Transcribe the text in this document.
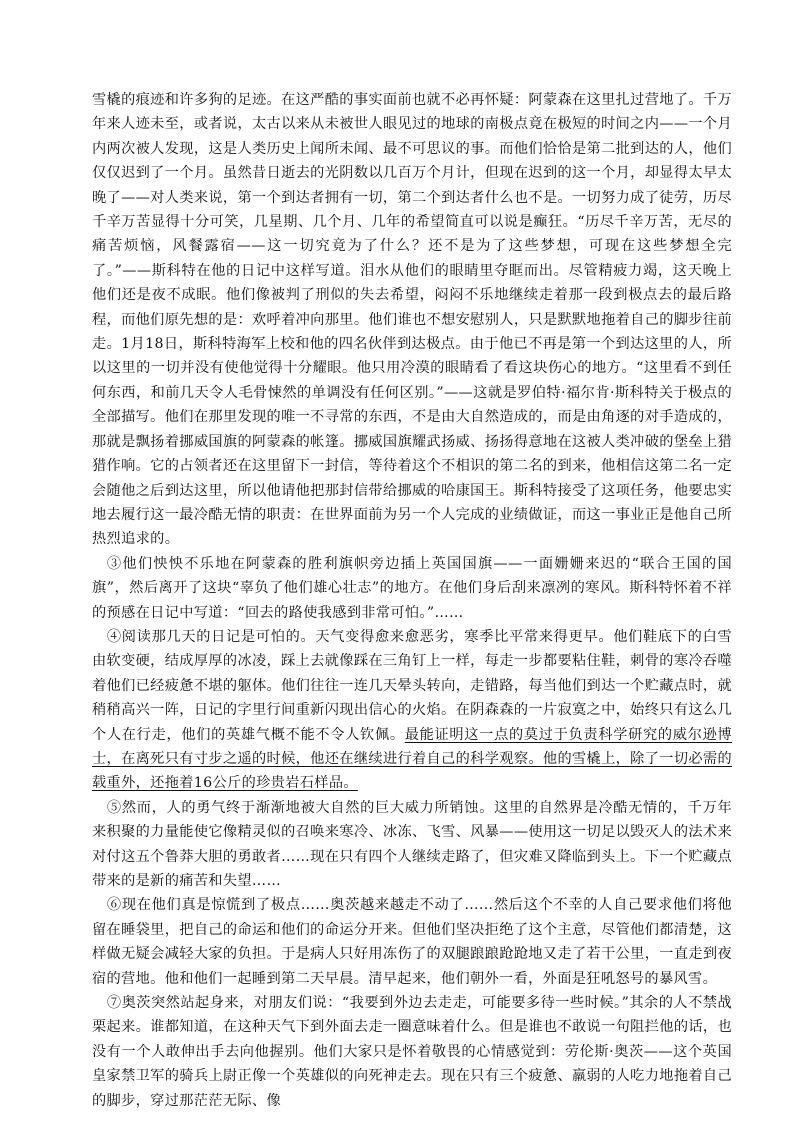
雪橇的痕迹和许多狗的足迹。在这严酷的事实面前也就不必再怀疑：阿蒙森在这里扎过营地了。千万年来人迹未至，或者说，太古以来从未被世人眼见过的地球的南极点竟在极短的时间之内——一个月内两次被人发现，这是人类历史上闻所未闻、最不可思议的事。而他们恰恰是第二批到达的人，他们仅仅迟到了一个月。虽然昔日逝去的光阴数以几百万个月计，但现在迟到的这一个月，却显得太早太晚了——对人类来说，第一个到达者拥有一切，第二个到达者什么也不是。一切努力成了徒劳，历尽千辛万苦显得十分可笑，几星期、几个月、几年的希望简直可以说是癫狂。“历尽千辛万苦，无尽的痛苦烦恼，风餐露宿——这一切究竟为了什么？还不是为了这些梦想，可现在这些梦想全完了。”——斯科特在他的日记中这样写道。泪水从他们的眼睛里夺眶而出。尽管精疲力竭，这天晚上他们还是夜不成眠。他们像被判了刑似的失去希望，闷闷不乐地继续走着那一段到极点去的最后路程，而他们原先想的是：欢呼着冲向那里。他们谁也不想安慰别人，只是默默地拖着自己的脚步往前走。1月18日，斯科特海军上校和他的四名伙伴到达极点。由于他已不再是第一个到达这里的人，所以这里的一切并没有使他觉得十分耀眼。他只用冷漠的眼睛看了看这块伤心的地方。“这里看不到任何东西，和前几天令人毛骨悚然的单调没有任何区别。”——这就是罗伯特·福尔肯·斯科特关于极点的全部描写。他们在那里发现的唯一不寻常的东西，不是由大自然造成的，而是由角逐的对手造成的，那就是飘扬着挪威国旗的阿蒙森的帐篷。挪威国旗耀武扬威、扬扬得意地在这被人类冲破的堡垒上猎猎作响。它的占领者还在这里留下一封信，等待着这个不相识的第二名的到来，他相信这第二名一定会随他之后到达这里，所以他请他把那封信带给挪威的哈康国王。斯科特接受了这项任务，他要忠实地去履行这一最冷酷无情的职责：在世界面前为另一个人完成的业绩做证，而这一事业正是他自己所热烈追求的。

③他们怏怏不乐地在阿蒙森的胜利旗帜旁边插上英国国旗——一面姗姗来迟的“联合王国的国旗”，然后离开了这块“辜负了他们雄心壮志”的地方。在他们身后刮来凛冽的寒风。斯科特怀着不祥的预感在日记中写道：“回去的路使我感到非常可怕。”……

④阅读那几天的日记是可怕的。天气变得愈来愈恶劣，寒季比平常来得更早。他们鞋底下的白雪由软变硬，结成厚厚的冰凌，踩上去就像踩在三角钉上一样，每走一步都要粘住鞋，刺骨的寒冷吞噬着他们已经疲惫不堪的躯体。他们往往一连几天晕头转向，走错路，每当他们到达一个贮藏点时，就稍稍高兴一阵，日记的字里行间重新闪现出信心的火焰。在阴森森的一片寂寞之中，始终只有这么几个人在行走，他们的英雄气概不能不令人钦佩。最能证明这一点的莫过于负责科学研究的威尔逊博士，在离死只有寸步之遥的时候，他还在继续进行着自己的科学观察。他的雪橇上，除了一切必需的载重外，还拖着16公斤的珍贵岩石样品。

⑤然而，人的勇气终于渐渐地被大自然的巨大威力所销蚀。这里的自然界是冷酷无情的，千万年来积聚的力量能使它像精灵似的召唤来寒冷、冰冻、飞雪、风暴——使用这一切足以毁灭人的法术来对付这五个鲁莽大胆的勇敢者……现在只有四个人继续走路了，但灾难又降临到头上。下一个贮藏点带来的是新的痛苦和失望……

⑥现在他们真是惊慌到了极点……奥茨越来越走不动了……然后这个不幸的人自己要求他们将他留在睡袋里，把自己的命运和他们的命运分开来。但他们坚决拒绝了这个主意，尽管他们都清楚，这样做无疑会减轻大家的负担。于是病人只好用冻伤了的双腿踉踉跄跄地又走了若干公里，一直走到夜宿的营地。他和他们一起睡到第二天早晨。清早起来，他们朝外一看，外面是狂吼怒号的暴风雪。

⑦奥茨突然站起身来，对朋友们说：“我要到外边去走走，可能要多待一些时候。”其余的人不禁战栗起来。谁都知道，在这种天气下到外面去走一圈意味着什么。但是谁也不敢说一句阻拦他的话，也没有一个人敢伸出手去向他握别。他们大家只是怀着敬畏的心情感觉到：劳伦斯·奥茨——这个英国皇家禁卫军的骑兵上尉正像一个英雄似的向死神走去。现在只有三个疲惫、羸弱的人吃力地拖着自己的脚步，穿过那茫茫无际、像
